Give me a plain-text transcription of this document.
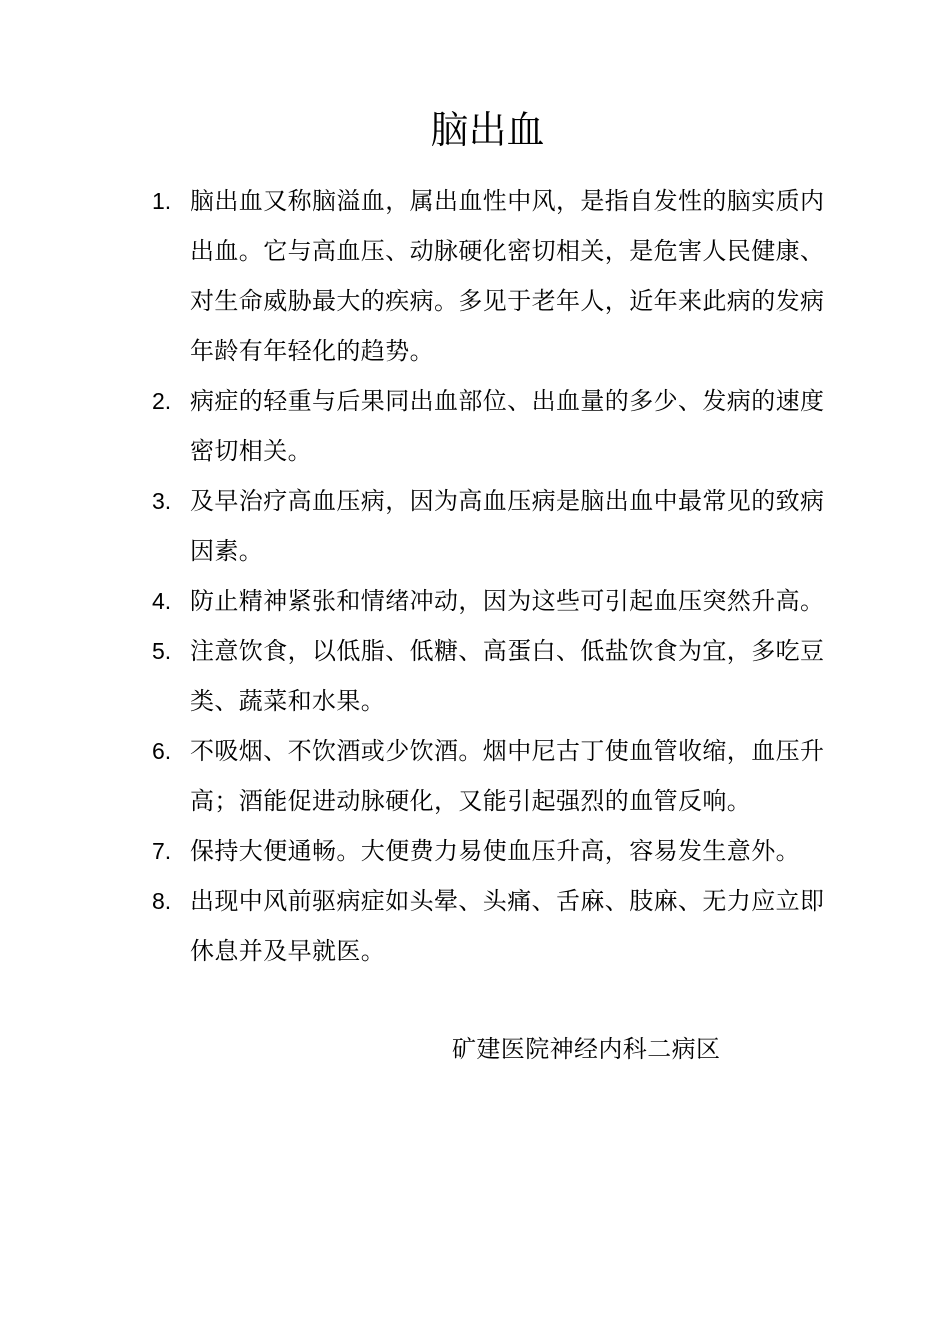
脑出血
1. 脑出血又称脑溢血，属出血性中风，是指自发性的脑实质内出血。它与高血压、动脉硬化密切相关，是危害人民健康、对生命威胁最大的疾病。多见于老年人，近年来此病的发病年龄有年轻化的趋势。
2. 病症的轻重与后果同出血部位、出血量的多少、发病的速度密切相关。
3. 及早治疗高血压病，因为高血压病是脑出血中最常见的致病因素。
4. 防止精神紧张和情绪冲动，因为这些可引起血压突然升高。
5. 注意饮食，以低脂、低糖、高蛋白、低盐饮食为宜，多吃豆类、蔬菜和水果。
6. 不吸烟、不饮酒或少饮酒。烟中尼古丁使血管收缩，血压升高；酒能促进动脉硬化，又能引起强烈的血管反响。
7. 保持大便通畅。大便费力易使血压升高，容易发生意外。
8. 出现中风前驱病症如头晕、头痛、舌麻、肢麻、无力应立即休息并及早就医。
矿建医院神经内科二病区
